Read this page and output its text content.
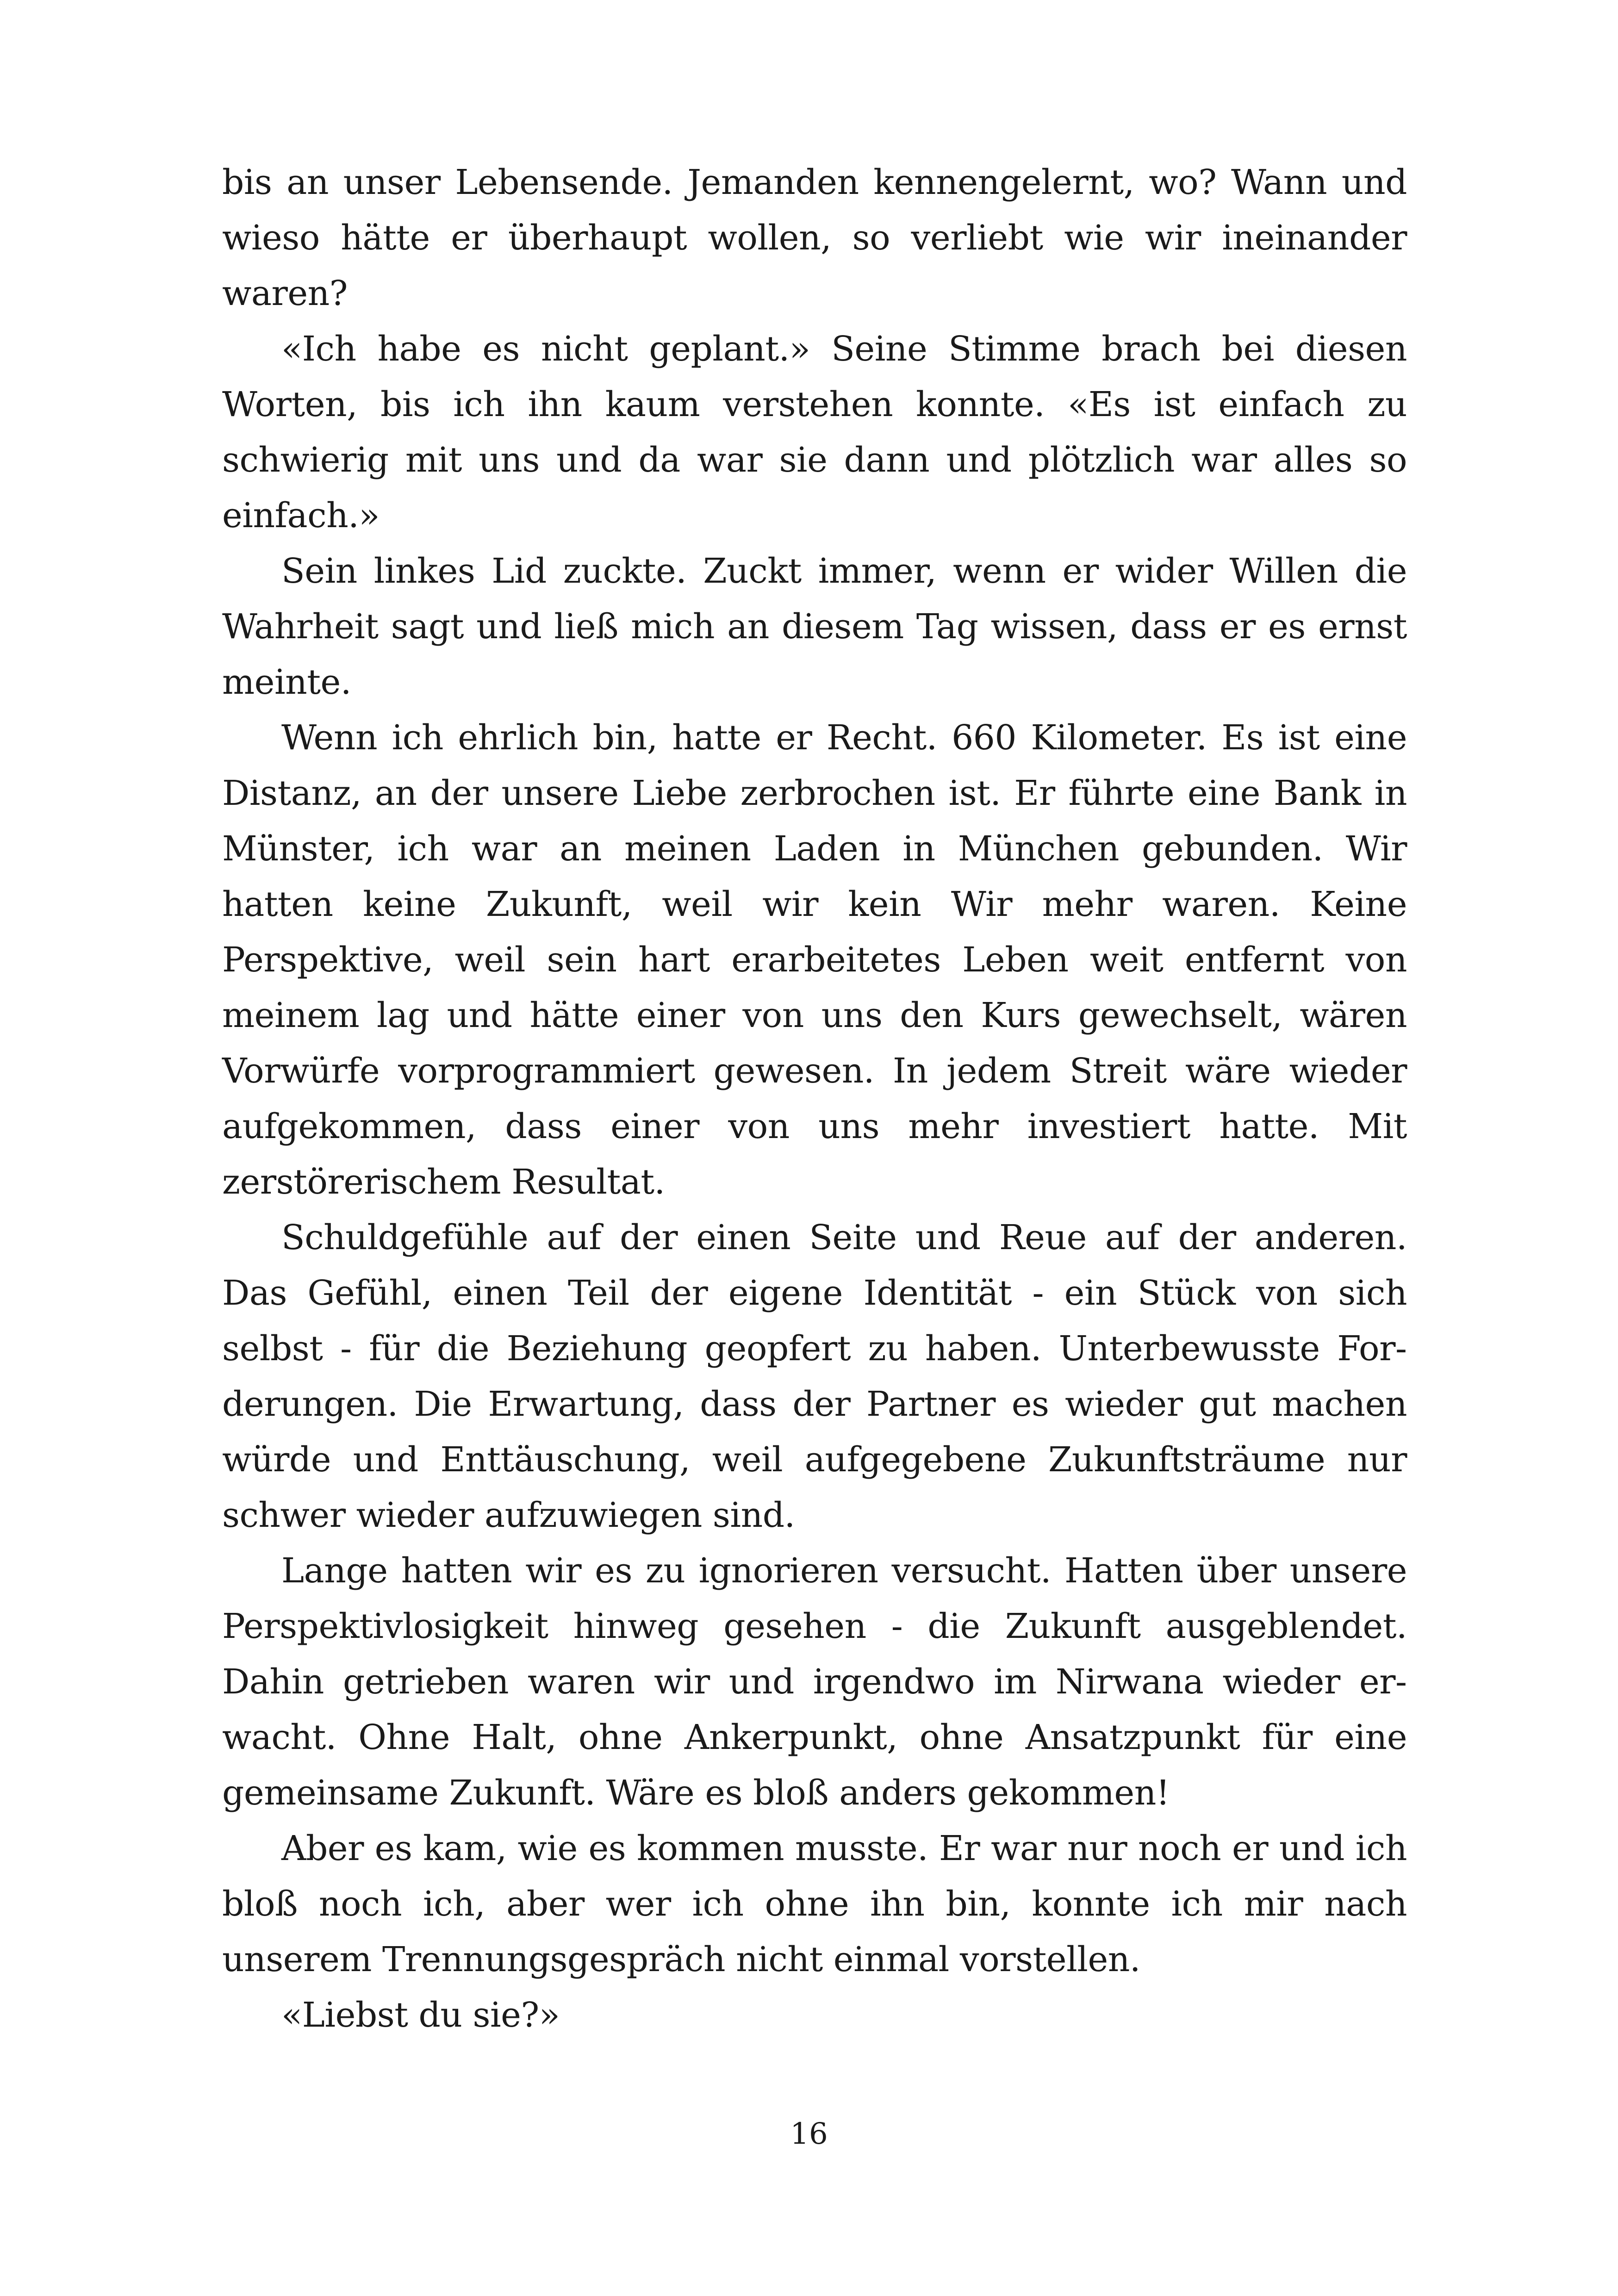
bis an unser Lebensende. Jemanden kennengelernt, wo? Wann und wieso hätte er überhaupt wollen, so verliebt wie wir ineinander waren?

«Ich habe es nicht geplant.» Seine Stimme brach bei diesen Worten, bis ich ihn kaum verstehen konnte. «Es ist einfach zu schwierig mit uns und da war sie dann und plötzlich war alles so einfach.»

Sein linkes Lid zuckte. Zuckt immer, wenn er wider Willen die Wahrheit sagt und ließ mich an diesem Tag wissen, dass er es ernst meinte.

Wenn ich ehrlich bin, hatte er Recht. 660 Kilometer. Es ist eine Distanz, an der unsere Liebe zerbrochen ist. Er führte eine Bank in Münster, ich war an meinen Laden in München gebunden. Wir hatten keine Zukunft, weil wir kein Wir mehr waren. Keine Perspektive, weil sein hart erarbeitetes Leben weit entfernt von meinem lag und hätte einer von uns den Kurs gewechselt, wären Vorwürfe vorprogrammiert gewesen. In jedem Streit wäre wieder aufgekommen, dass einer von uns mehr investiert hatte. Mit zerstörerischem Resultat.

Schuldgefühle auf der einen Seite und Reue auf der anderen. Das Gefühl, einen Teil der eigene Identität - ein Stück von sich selbst - für die Beziehung geopfert zu haben. Unterbewusste Forderungen. Die Erwartung, dass der Partner es wieder gut machen würde und Enttäuschung, weil aufgegebene Zukunftsträume nur schwer wieder aufzuwiegen sind.

Lange hatten wir es zu ignorieren versucht. Hatten über unsere Perspektivlosigkeit hinweg gesehen - die Zukunft ausgeblendet. Dahin getrieben waren wir und irgendwo im Nirwana wieder erwacht. Ohne Halt, ohne Ankerpunkt, ohne Ansatzpunkt für eine gemeinsame Zukunft. Wäre es bloß anders gekommen!

Aber es kam, wie es kommen musste. Er war nur noch er und ich bloß noch ich, aber wer ich ohne ihn bin, konnte ich mir nach unserem Trennungsgespräch nicht einmal vorstellen.

«Liebst du sie?»

16
